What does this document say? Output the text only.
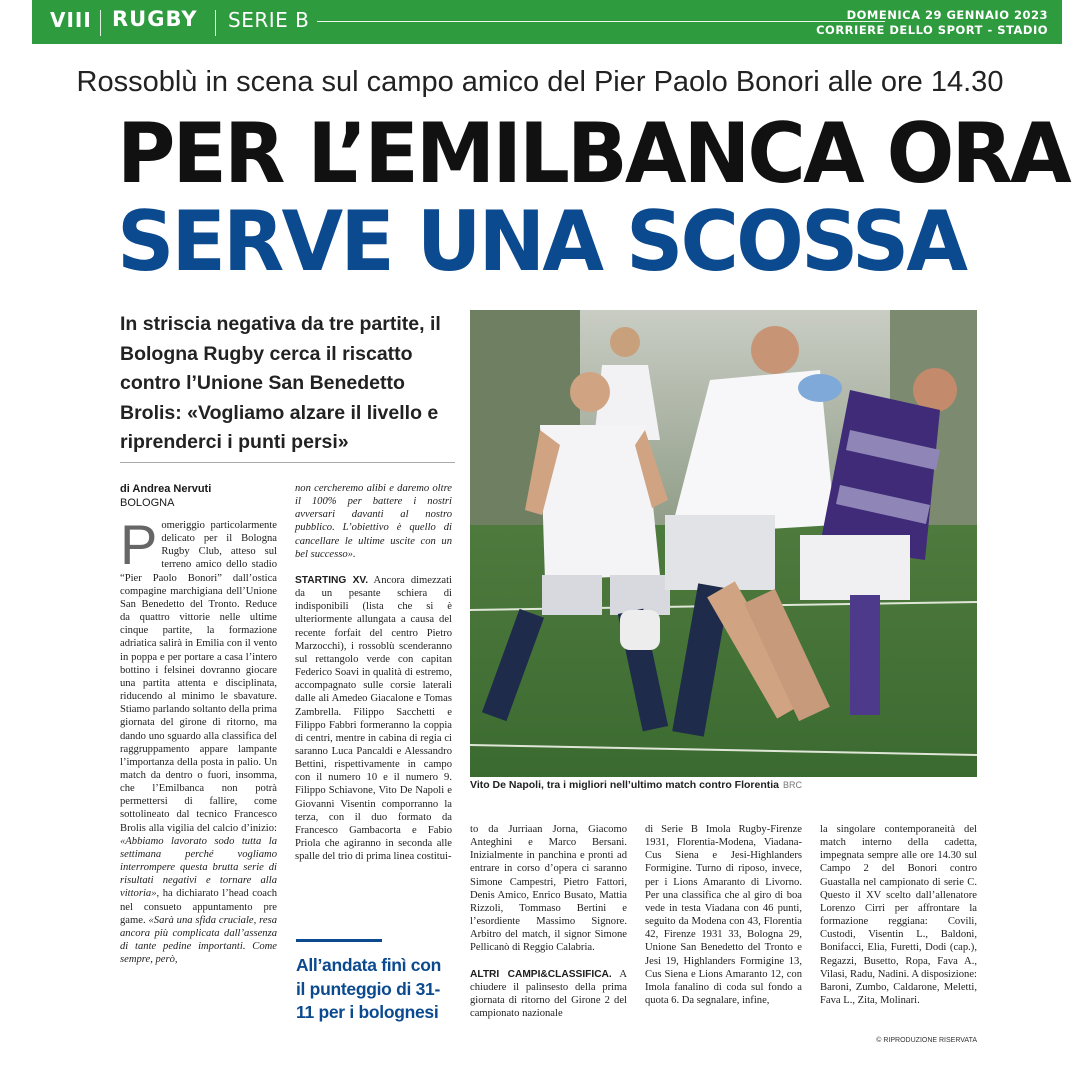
VIII RUGBY SERIE B	DOMENICA 29 GENNAIO 2023
CORRIERE DELLO SPORT - STADIO
Rossoblù in scena sul campo amico del Pier Paolo Bonori alle ore 14.30
PER L’EMILBANCA ORA
SERVE UNA SCOSSA
In striscia negativa da tre partite, il Bologna Rugby cerca il riscatto contro l’Unione San Benedetto Brolis: «Vogliamo alzare il livello e riprenderci i punti persi»
Vito De Napoli, tra i migliori nell’ultimo match contro Florentia BRC
di Andrea Nervuti
BOLOGNA

Pomeriggio particolarmente delicato per il Bologna Rugby Club, atteso sul terreno amico dello stadio “Pier Paolo Bonori” dall’ostica compagine marchigiana dell’Unione San Benedetto del Tronto. Reduce da quattro vittorie nelle ultime cinque partite, la formazione adriatica salirà in Emilia con il vento in poppa e per portare a casa l’intero bottino i felsinei dovranno giocare una partita attenta e disciplinata, riducendo al minimo le sbavature. Stiamo parlando soltanto della prima giornata del girone di ritorno, ma dando uno sguardo alla classifica del raggruppamento appare lampante l’importanza della posta in palio. Un match da dentro o fuori, insomma, che l’Emilbanca non potrà permettersi di fallire, come sottolineato dal tecnico Francesco Brolis alla vigilia del calcio d’inizio: «Abbiamo lavorato sodo tutta la settimana perché vogliamo interrompere questa brutta serie di risultati negativi e tornare alla vittoria», ha dichiarato l’head coach nel consueto appuntamento pre game. «Sarà una sfida cruciale, resa ancora più complicata dall’assenza di tante pedine importanti. Come sempre, però,

non cercheremo alibi e daremo oltre il 100% per battere i nostri avversari davanti al nostro pubblico. L’obiettivo è quello di cancellare le ultime uscite con un bel successo».

STARTING XV. Ancora dimezzati da un pesante schiera di indisponibili (lista che si è ulteriormente allungata a causa del recente forfait del centro Pietro Marzocchi), i rossoblù scenderanno sul rettangolo verde con capitan Federico Soavi in qualità di estremo, accompagnato sulle corsie laterali dalle ali Amedeo Giacalone e Tomas Zambrella. Filippo Sacchetti e Filippo Fabbri formeranno la coppia di centri, mentre in cabina di regia ci saranno Luca Pancaldi e Alessandro Bettini, rispettivamente in campo con il numero 10 e il numero 9. Filippo Schiavone, Vito De Napoli e Giovanni Visentin comporranno la terza, con il duo formato da Francesco Gambacorta e Fabio Priola che agiranno in seconda alle spalle del trio di prima linea costitui-

All’andata finì con il punteggio di 31-11 per i bolognesi

to da Jurriaan Jorna, Giacomo Anteghini e Marco Bersani. Inizialmente in panchina e pronti ad entrare in corso d’opera ci saranno Simone Campestri, Pietro Fattori, Denis Amico, Enrico Busato, Mattia Rizzoli, Tommaso Bertini e l’esordiente Massimo Signore. Arbitro del match, il signor Simone Pellicanò di Reggio Calabria.

ALTRI CAMPI&CLASSIFICA. A chiudere il palinsesto della prima giornata di ritorno del Girone 2 del campionato nazionale

di Serie B Imola Rugby-Firenze 1931, Florentia-Modena, Viadana-Cus Siena e Jesi-Highlanders Formigine. Turno di riposo, invece, per i Lions Amaranto di Livorno. Per una classifica che al giro di boa vede in testa Viadana con 46 punti, seguito da Modena con 43, Florentia 42, Firenze 1931 33, Bologna 29, Unione San Benedetto del Tronto e Jesi 19, Highlanders Formigine 13, Cus Siena e Lions Amaranto 12, con Imola fanalino di coda sul fondo a quota 6. Da segnalare, infine,

la singolare contemporaneità del match interno della cadetta, impegnata sempre alle ore 14.30 sul Campo 2 del Bonori contro Guastalla nel campionato di serie C. Questo il XV scelto dall’allenatore Lorenzo Cirri per affrontare la formazione reggiana: Covili, Custodi, Visentin L., Baldoni, Bonifacci, Elia, Furetti, Dodi (cap.), Regazzi, Busetto, Ropa, Fava A., Vilasi, Radu, Nadini. A disposizione: Baroni, Zumbo, Caldarone, Meletti, Fava L., Zita, Molinari.

© RIPRODUZIONE RISERVATA
